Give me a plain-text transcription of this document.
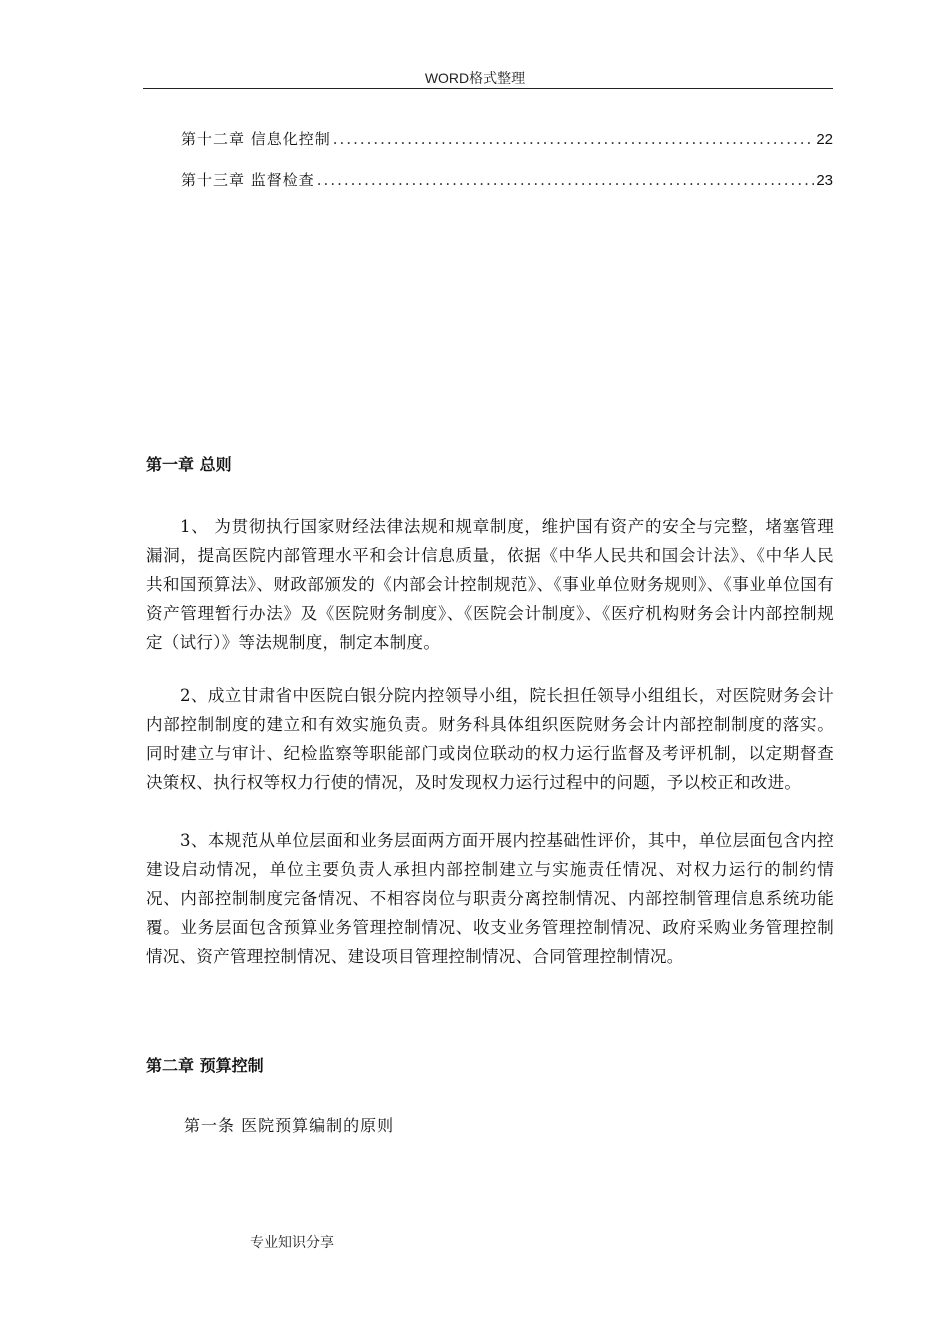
WORD格式整理
第十二章 信息化控制 .....	22
第十三章 监督检查 .....	23
第一章 总则

1、 为贯彻执行国家财经法律法规和规章制度，维护国有资产的安全与完整，堵塞管理漏洞，提高医院内部管理水平和会计信息质量，依据《中华人民共和国会计法》、《中华人民共和国预算法》、财政部颁发的《内部会计控制规范》、《事业单位财务规则》、《事业单位国有资产管理暂行办法》及《医院财务制度》、《医院会计制度》、《医疗机构财务会计内部控制规定（试行）》等法规制度，制定本制度。

2、成立甘肃省中医院白银分院内控领导小组，院长担任领导小组组长，对医院财务会计内部控制制度的建立和有效实施负责。财务科具体组织医院财务会计内部控制制度的落实。同时建立与审计、纪检监察等职能部门或岗位联动的权力运行监督及考评机制，以定期督查决策权、执行权等权力行使的情况，及时发现权力运行过程中的问题，予以校正和改进。

3、本规范从单位层面和业务层面两方面开展内控基础性评价，其中，单位层面包含内控建设启动情况，单位主要负责人承担内部控制建立与实施责任情况、对权力运行的制约情况、内部控制制度完备情况、不相容岗位与职责分离控制情况、内部控制管理信息系统功能覆。业务层面包含预算业务管理控制情况、收支业务管理控制情况、政府采购业务管理控制情况、资产管理控制情况、建设项目管理控制情况、合同管理控制情况。

第二章 预算控制
第一条 医院预算编制的原则
专业知识分享
